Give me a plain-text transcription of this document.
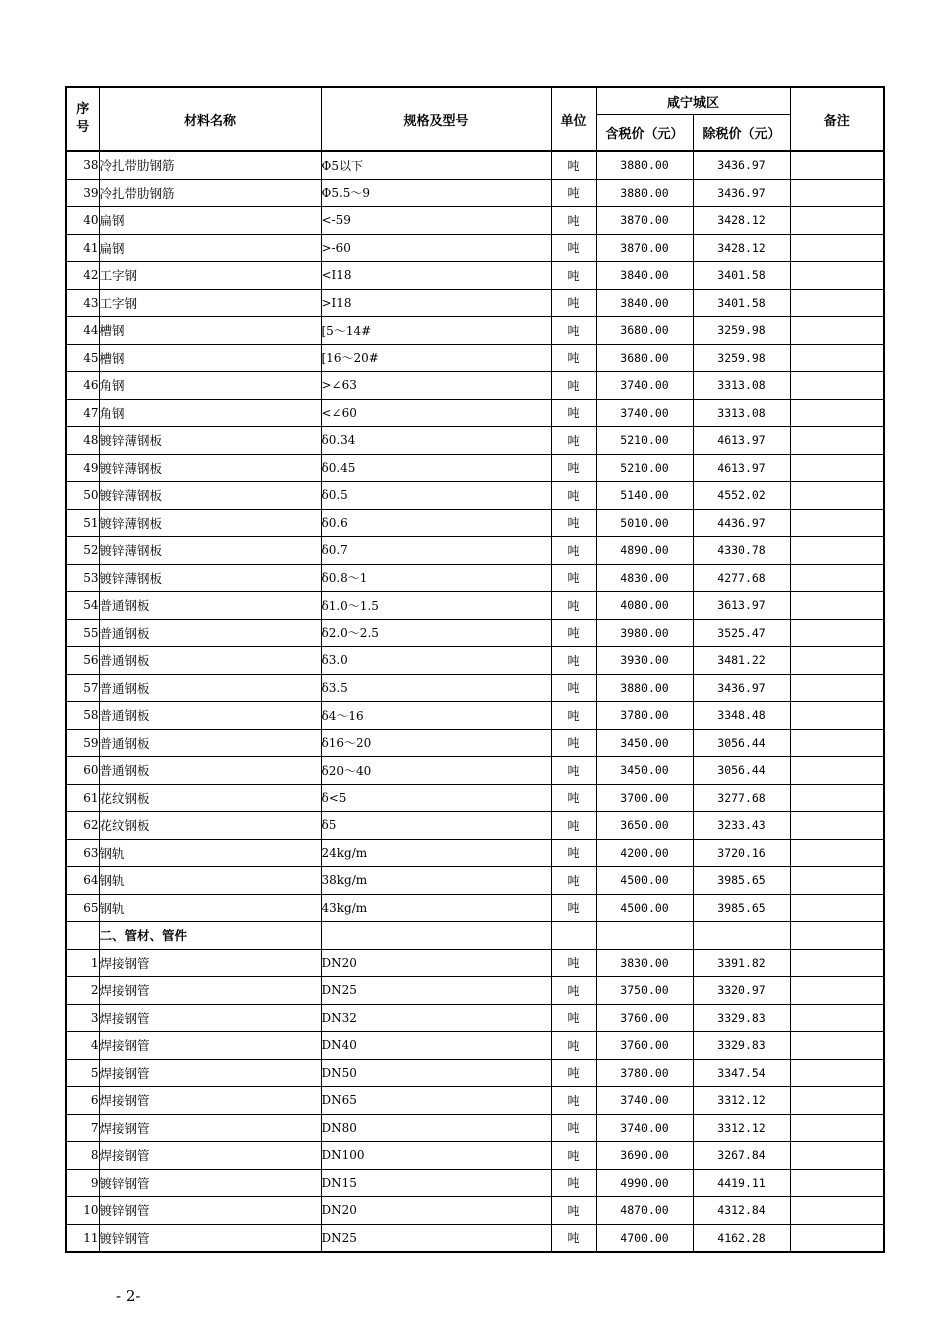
序
号	材料名称	规格及型号	单位	咸宁城区		备注
				含税价（元）	除税价（元）	
38	冷扎带肋钢筋	Φ5以下	吨	3880.00	3436.97	
39	冷扎带肋钢筋	Φ5.5～9	吨	3880.00	3436.97	
40	扁钢	<-59	吨	3870.00	3428.12	
41	扁钢	>-60	吨	3870.00	3428.12	
42	工字钢	<Ⅰ18	吨	3840.00	3401.58	
43	工字钢	>Ⅰ18	吨	3840.00	3401.58	
44	槽钢	[5～14#	吨	3680.00	3259.98	
45	槽钢	[16～20#	吨	3680.00	3259.98	
46	角钢	>∠63	吨	3740.00	3313.08	
47	角钢	<∠60	吨	3740.00	3313.08	
48	镀锌薄钢板	δ0.34	吨	5210.00	4613.97	
49	镀锌薄钢板	δ0.45	吨	5210.00	4613.97	
50	镀锌薄钢板	δ0.5	吨	5140.00	4552.02	
51	镀锌薄钢板	δ0.6	吨	5010.00	4436.97	
52	镀锌薄钢板	δ0.7	吨	4890.00	4330.78	
53	镀锌薄钢板	δ0.8～1	吨	4830.00	4277.68	
54	普通钢板	δ1.0～1.5	吨	4080.00	3613.97	
55	普通钢板	δ2.0～2.5	吨	3980.00	3525.47	
56	普通钢板	δ3.0	吨	3930.00	3481.22	
57	普通钢板	δ3.5	吨	3880.00	3436.97	
58	普通钢板	δ4～16	吨	3780.00	3348.48	
59	普通钢板	δ16～20	吨	3450.00	3056.44	
60	普通钢板	δ20～40	吨	3450.00	3056.44	
61	花纹钢板	δ<5	吨	3700.00	3277.68	
62	花纹钢板	δ5	吨	3650.00	3233.43	
63	钢轨	24kg/m	吨	4200.00	3720.16	
64	钢轨	38kg/m	吨	4500.00	3985.65	
65	钢轨	43kg/m	吨	4500.00	3985.65	
	二、管材、管件					
1	焊接钢管	DN20	吨	3830.00	3391.82	
2	焊接钢管	DN25	吨	3750.00	3320.97	
3	焊接钢管	DN32	吨	3760.00	3329.83	
4	焊接钢管	DN40	吨	3760.00	3329.83	
5	焊接钢管	DN50	吨	3780.00	3347.54	
6	焊接钢管	DN65	吨	3740.00	3312.12	
7	焊接钢管	DN80	吨	3740.00	3312.12	
8	焊接钢管	DN100	吨	3690.00	3267.84	
9	镀锌钢管	DN15	吨	4990.00	4419.11	
10	镀锌钢管	DN20	吨	4870.00	4312.84	
11	镀锌钢管	DN25	吨	4700.00	4162.28	
- 2-
